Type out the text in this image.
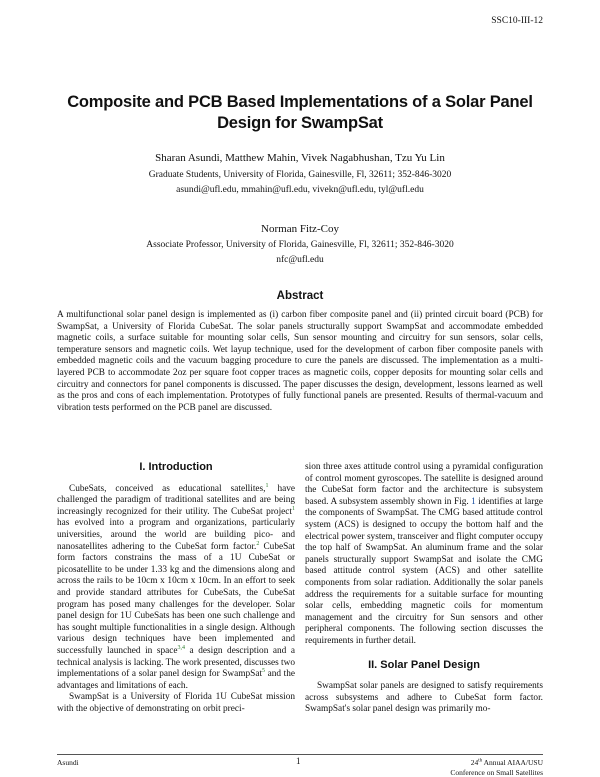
SSC10-III-12
Composite and PCB Based Implementations of a Solar Panel Design for SwampSat
Sharan Asundi, Matthew Mahin, Vivek Nagabhushan, Tzu Yu Lin
Graduate Students, University of Florida, Gainesville, Fl, 32611; 352-846-3020
asundi@ufl.edu, mmahin@ufl.edu, vivekn@ufl.edu, tyl@ufl.edu
Norman Fitz-Coy
Associate Professor, University of Florida, Gainesville, Fl, 32611; 352-846-3020
nfc@ufl.edu
Abstract
A multifunctional solar panel design is implemented as (i) carbon fiber composite panel and (ii) printed circuit board (PCB) for SwampSat, a University of Florida CubeSat. The solar panels structurally support SwampSat and accommodate embedded magnetic coils, a surface suitable for mounting solar cells, Sun sensor mounting and circuitry for sun sensors, solar cells, temperature sensors and magnetic coils. Wet layup technique, used for the development of carbon fiber composite panels with embedded magnetic coils and the vacuum bagging procedure to cure the panels are discussed. The implementation as a multi-layered PCB to accommodate 2oz per square foot copper traces as magnetic coils, copper deposits for mounting solar cells and circuitry and connectors for panel components is discussed. The paper discusses the design, development, lessons learned as well as the pros and cons of each implementation. Prototypes of fully functional panels are presented. Results of thermal-vacuum and vibration tests performed on the PCB panel are discussed.
I. Introduction

CubeSats, conceived as educational satellites,$^1$ have challenged the paradigm of traditional satellites and are being increasingly recognized for their utility. The CubeSat project$^1$ has evolved into a program and organizations, particularly universities, around the world are building pico- and nanosatellites adhering to the CubeSat form factor.$^2$ CubeSat form factors constrains the mass of a 1U CubeSat or picosatellite to be under 1.33 kg and the dimensions along and across the rails to be 10cm x 10cm x 10cm. In an effort to seek and provide standard attributes for CubeSats, the CubeSat program has posed many challenges for the developer. Solar panel design for 1U CubeSats has been one such challenge and has sought multiple functionalities in a single design. Although various design techniques have been implemented and successfully launched in space$^{3,4}$ a design description and a technical analysis is lacking. The work presented, discusses two implementations of a solar panel design for SwampSat$^5$ and the advantages and limitations of each.

SwampSat is a University of Florida 1U CubeSat mission with the objective of demonstrating on orbit preci-

sion three axes attitude control using a pyramidal configuration of control moment gyroscopes. The satellite is designed around the CubeSat form factor and the architecture is subsystem based. A subsystem assembly shown in Fig. 1 identifies at large the components of SwampSat. The CMG based attitude control system (ACS) is designed to occupy the bottom half and the electrical power system, transceiver and flight computer occupy the top half of SwampSat. An aluminum frame and the solar panels structurally support SwampSat and isolate the CMG based attitude control system (ACS) and other satellite components from solar radiation. Additionally the solar panels address the requirements for a suitable surface for mounting solar cells, embedding magnetic coils for momentum management and the circuitry for Sun sensors and other peripheral components. The following section discusses the requirements in further detail.

II. Solar Panel Design

SwampSat solar panels are designed to satisfy requirements across subsystems and adhere to CubeSat form factor. SwampSat's solar panel design was primarily mo-

Asundi	1	24th Annual AIAA/USU
Conference on Small Satellites
